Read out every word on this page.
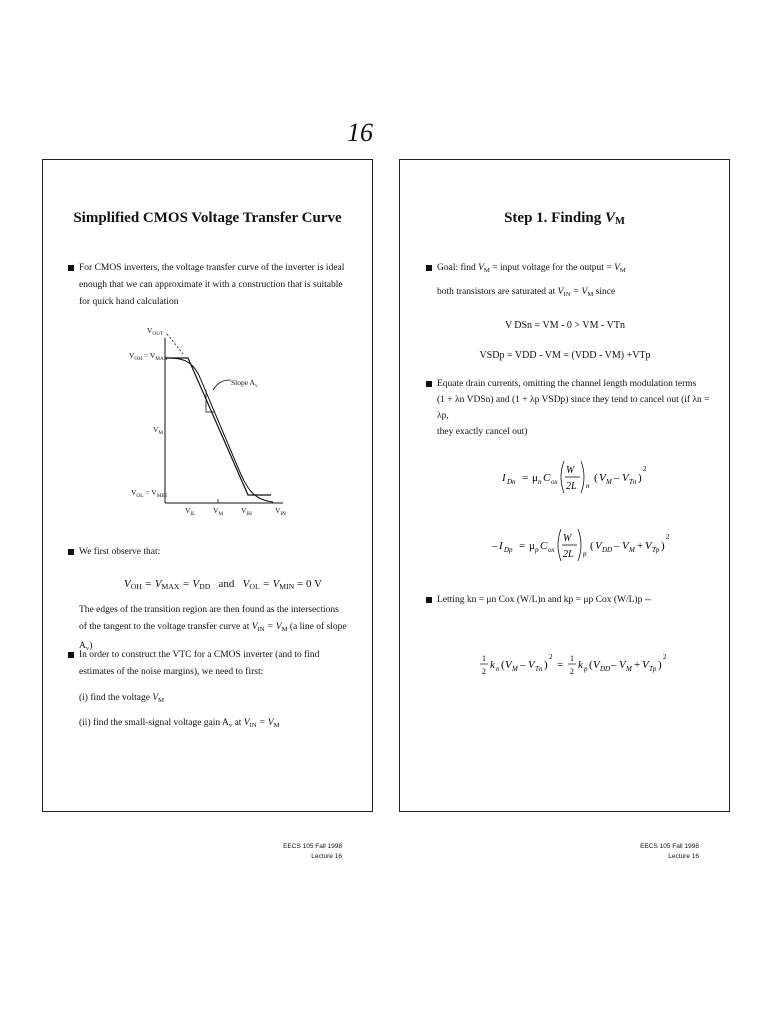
16
Simplified CMOS Voltage Transfer Curve
For CMOS inverters, the voltage transfer curve of the inverter is ideal enough that we can approximate it with a construction that is suitable for quick hand calculation
$V_{OUT}$
$V_{OH} = V_{MAX}$
Slope $A_v$
$V_M$
$V_{OL} = V_{MIN}$
$V_{IL}$ $V_M$ $V_{IH}$	$V_{IN}$
We first observe that:
$V_{OH} = V_{MAX} = V_{DD}$ and $V_{OL} = V_{MIN} = 0$ V
The edges of the transition region are then found as the intersections of the tangent to the voltage transfer curve at $V_{IN} = V_M$ (a line of slope $A_v$)
In order to construct the VTC for a CMOS inverter (and to find estimates of the noise margins), we need to first:
(i) find the voltage $V_M$
(ii) find the small-signal voltage gain $A_v$ at $V_{IN} = V_M$
Step 1. Finding $V_M$
Goal: find $V_M$ = input voltage for the output = $V_M$
both transistors are saturated at $V_{IN} = V_M$ since
V DSn = VM - 0 > VM - VTn
VSDp = VDD - VM = (VDD - VM) +VTp
Equate drain currents, omitting the channel length modulation terms
(1 + λn VDSn) and (1 + λp VSDp) since they tend to cancel out (if λn = λp,
they exactly cancel out)
I Dn = μ n C ox
W
2L n
( V M – V Tn )
2
– I Dp = μ p C ox
W
2L p
( V DD – V M + V Tp )
2
Letting kn = μn Cox (W/L)n and kp = μp Cox (W/L)p --
1
2
k n ( V M – V Tn )
2
=
1
2
k p ( V DD – V M + V Tp )
2
EECS 105 Fall 1998
Lecture 16
EECS 105 Fall 1998
Lecture 16
